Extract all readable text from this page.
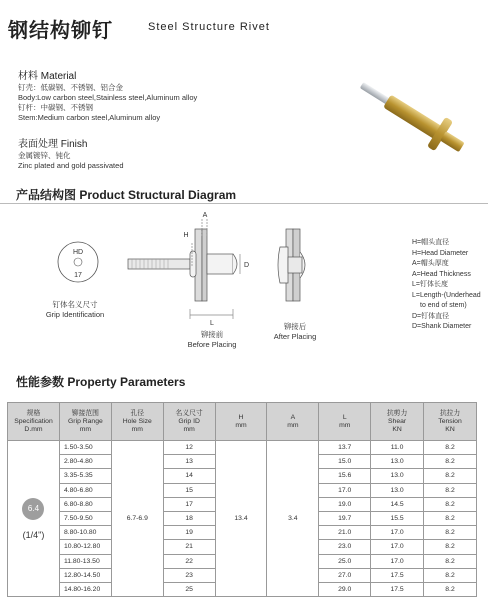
钢结构铆钉	Steel Structure Rivet
材料 Material
钉壳：低碳钢、不锈钢、铝合金
Body:Low carbon steel,Stainless steel,Aluminum alloy
钉杆：中碳钢、不锈钢
Stem:Medium carbon steel,Aluminum alloy
表面处理 Finish
金属镀锌、钝化
Zinc plated and gold passivated
产品结构图 Product Structural Diagram
HD
17
A
H
L
D
钉体名义尺寸
Grip Identification
铆接前
Before Placing
铆接后
After Placing
H=帽头直径
H=Head Diameter
A=帽头厚度
A=Head Thickness
L=钉体长度
L=Length-(Underhead
to end of stem)
D=钉体直径
D=Shank Diameter
性能参数 Property Parameters
规格
Specification
D.mm	铆接范围
Grip Range
mm	孔径
Hole Size
mm	名义尺寸
Grip ID
mm	H
mm	A
mm	L
mm	抗剪力
Shear
KN	抗拉力
Tension
KN
6.4
(1/4")	1.50-3.50	6.7-6.9	12	13.4	3.4	13.7	11.0	8.2
	2.80-4.80		13			15.0	13.0	8.2
	3.35-5.35		14			15.6	13.0	8.2
	4.80-6.80		15			17.0	13.0	8.2
	6.80-8.80		17			19.0	14.5	8.2
	7.50-9.50		18			19.7	15.5	8.2
	8.80-10.80		19			21.0	17.0	8.2
	10.80-12.80		21			23.0	17.0	8.2
	11.80-13.50		22			25.0	17.0	8.2
	12.80-14.50		23			27.0	17.5	8.2
	14.80-16.20		25			29.0	17.5	8.2
